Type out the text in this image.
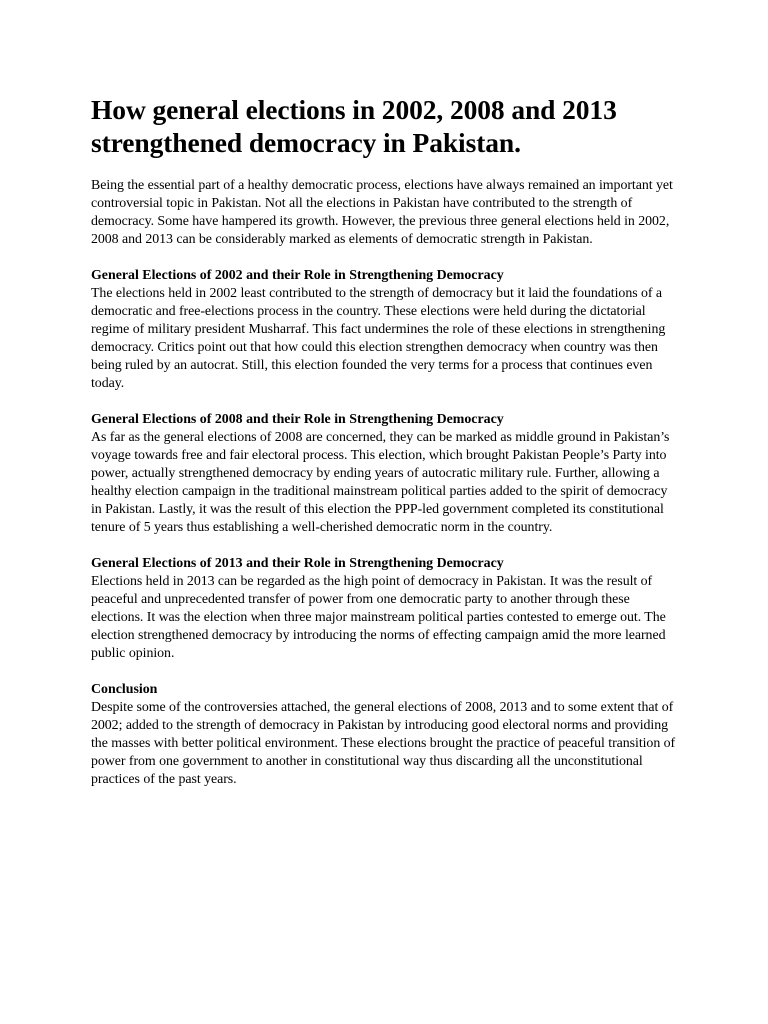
How general elections in 2002, 2008 and 2013 strengthened democracy in Pakistan.

Being the essential part of a healthy democratic process, elections have always remained an important yet controversial topic in Pakistan. Not all the elections in Pakistan have contributed to the strength of democracy. Some have hampered its growth. However, the previous three general elections held in 2002, 2008 and 2013 can be considerably marked as elements of democratic strength in Pakistan.

General Elections of 2002 and their Role in Strengthening Democracy

The elections held in 2002 least contributed to the strength of democracy but it laid the foundations of a democratic and free-elections process in the country. These elections were held during the dictatorial regime of military president Musharraf. This fact undermines the role of these elections in strengthening democracy. Critics point out that how could this election strengthen democracy when country was then being ruled by an autocrat. Still, this election founded the very terms for a process that continues even today.

General Elections of 2008 and their Role in Strengthening Democracy

As far as the general elections of 2008 are concerned, they can be marked as middle ground in Pakistan’s voyage towards free and fair electoral process. This election, which brought Pakistan People’s Party into power, actually strengthened democracy by ending years of autocratic military rule. Further, allowing a healthy election campaign in the traditional mainstream political parties added to the spirit of democracy in Pakistan. Lastly, it was the result of this election the PPP-led government completed its constitutional tenure of 5 years thus establishing a well-cherished democratic norm in the country.

General Elections of 2013 and their Role in Strengthening Democracy

Elections held in 2013 can be regarded as the high point of democracy in Pakistan. It was the result of peaceful and unprecedented transfer of power from one democratic party to another through these elections. It was the election when three major mainstream political parties contested to emerge out. The election strengthened democracy by introducing the norms of effecting campaign amid the more learned public opinion.

Conclusion

Despite some of the controversies attached, the general elections of 2008, 2013 and to some extent that of 2002; added to the strength of democracy in Pakistan by introducing good electoral norms and providing the masses with better political environment. These elections brought the practice of peaceful transition of power from one government to another in constitutional way thus discarding all the unconstitutional practices of the past years.
